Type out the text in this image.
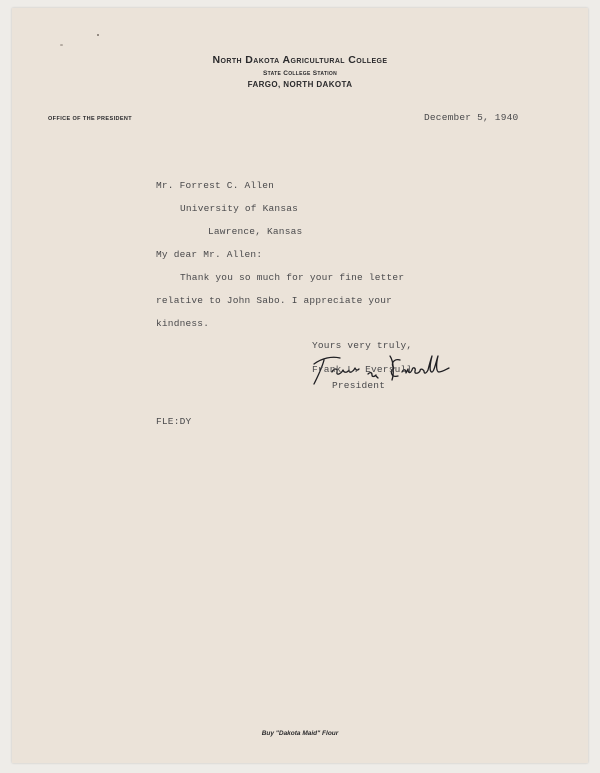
North Dakota Agricultural College
State College Station
FARGO, NORTH DAKOTA
OFFICE OF THE PRESIDENT	December 5, 1940
Mr. Forrest C. Allen
University of Kansas
Lawrence, Kansas
My dear Mr. Allen:
Thank you so much for your fine letter
relative to John Sabo. I appreciate your
kindness.
Yours very truly,
Frank L. Eversull
President
FLE:DY
Buy "Dakota Maid" Flour
